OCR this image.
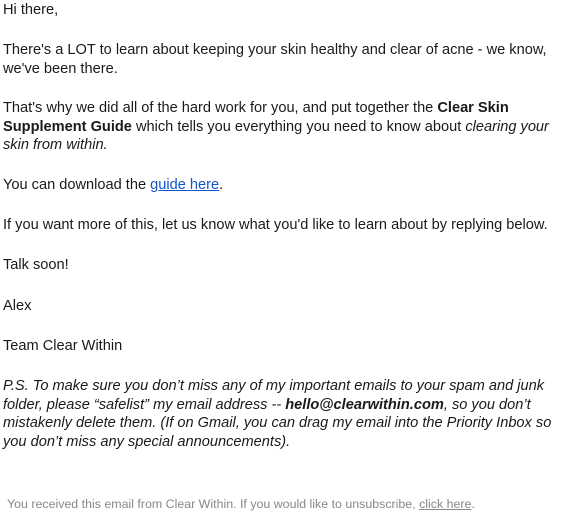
Hi there,

There's a LOT to learn about keeping your skin healthy and clear of acne - we know, we've been there.

That's why we did all of the hard work for you, and put together the Clear Skin Supplement Guide which tells you everything you need to know about clearing your skin from within.

You can download the guide here.

If you want more of this, let us know what you'd like to learn about by replying below.

Talk soon!

Alex

Team Clear Within

P.S. To make sure you don’t miss any of my important emails to your spam and junk folder, please “safelist” my email address -- hello@clearwithin.com, so you don’t mistakenly delete them. (If on Gmail, you can drag my email into the Priority Inbox so you don’t miss any special announcements).

You received this email from Clear Within. If you would like to unsubscribe, click here.
